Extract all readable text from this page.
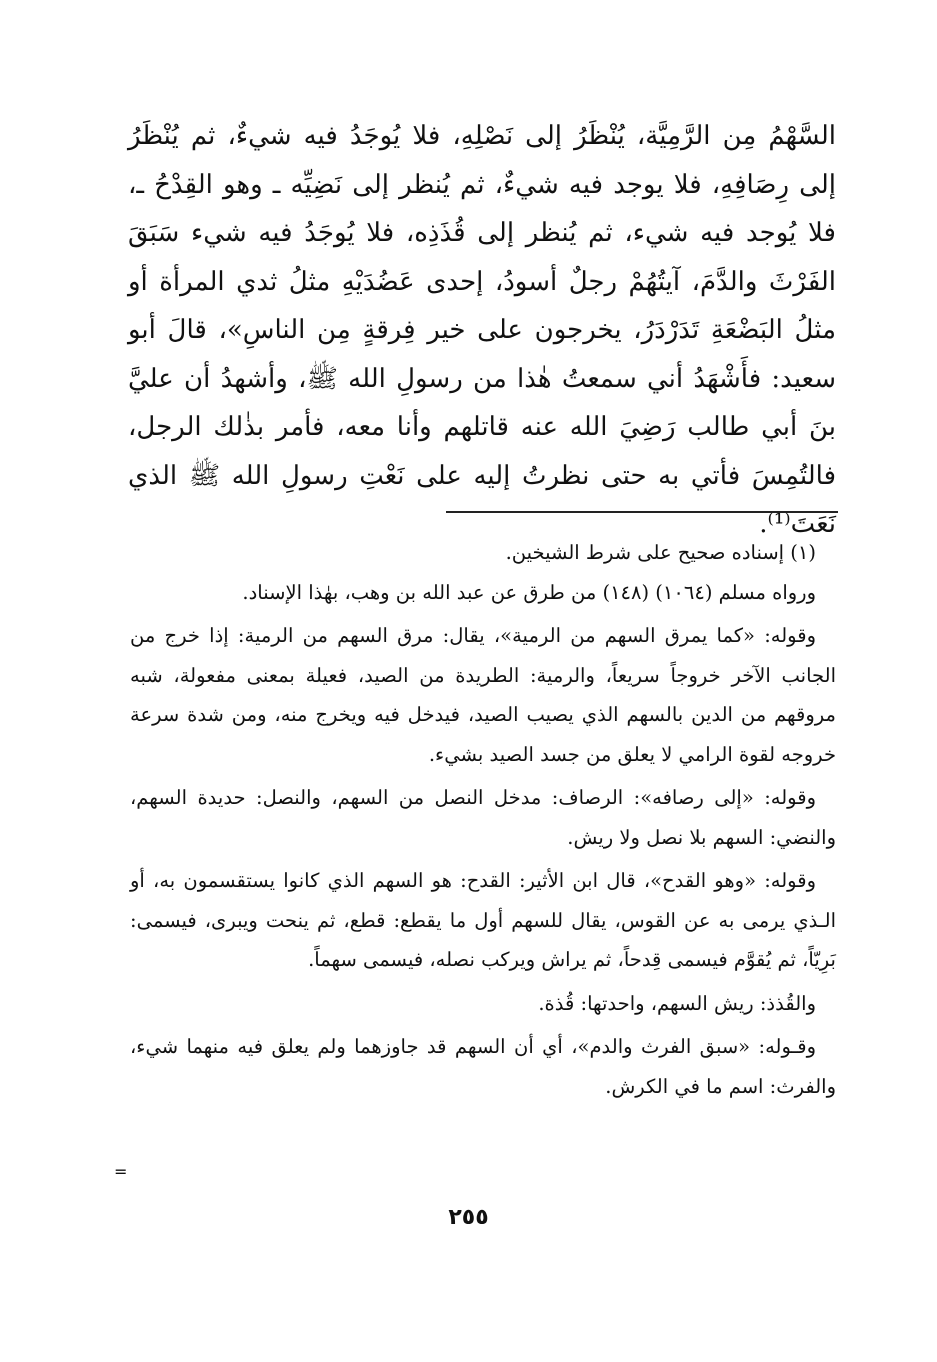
السَّهْمُ مِن الرَّمِيَّة، يُنْظَرُ إلى نَصْلِهِ، فلا يُوجَدُ فيه شيءٌ، ثم يُنْظَرُ إلى رِصَافِهِ، فلا يوجد فيه شيءٌ، ثم يُنظر إلى نَضِيِّه ـ وهو القِدْحُ ـ، فلا يُوجد فيه شيء، ثم يُنظر إلى قُذَذِه، فلا يُوجَدُ فيه شيء سَبَقَ الفَرْثَ والدَّمَ، آيتُهُمْ رجلٌ أسودُ، إحدى عَضُدَيْهِ مثلُ ثدي المرأة أو مثلُ البَضْعَةِ تَدَرْدَرُ، يخرجون على خير فِرقةٍ مِن الناسِ»، قالَ أبو سعيد: فأَشْهَدُ أني سمعتُ هٰذا من رسولِ الله ﷺ، وأشهدُ أن عليَّ بنَ أبي طالب رَضِيَ الله عنه قاتلهم وأنا معه، فأمر بذٰلك الرجل، فالتُمِسَ فأتي به حتى نظرتُ إليه على نَعْتِ رسولِ الله ﷺ الذي نَعَتَ⁽¹⁾.

(١) إسناده صحيح على شرط الشيخين.

ورواه مسلم (١٠٦٤) (١٤٨) من طرق عن عبد الله بن وهب، بهٰذا الإسناد.

وقوله: «كما يمرق السهم من الرمية»، يقال: مرق السهم من الرمية: إذا خرج من الجانب الآخر خروجاً سريعاً، والرمية: الطريدة من الصيد، فعيلة بمعنى مفعولة، شبه مروقهم من الدين بالسهم الذي يصيب الصيد، فيدخل فيه ويخرج منه، ومن شدة سرعة خروجه لقوة الرامي لا يعلق من جسد الصيد بشيء.

وقوله: «إلى رصافه»: الرصاف: مدخل النصل من السهم، والنصل: حديدة السهم، والنضي: السهم بلا نصل ولا ريش.

وقوله: «وهو القدح»، قال ابن الأثير: القدح: هو السهم الذي كانوا يستقسمون به، أو الـذي يرمى به عن القوس، يقال للسهم أول ما يقطع: قطع، ثم ينحت ويبرى، فيسمى: بَرِيّاً، ثم يُقوَّم فيسمى قِدحاً، ثم يراش ويركب نصله، فيسمى سهماً.

والقُذذ: ريش السهم، واحدتها: قُذة.

وقـوله: «سبق الفرث والدم»، أي أن السهم قد جاوزهما ولم يعلق فيه منهما شيء، والفرث: اسم ما في الكرش.

=
٢٥٥
